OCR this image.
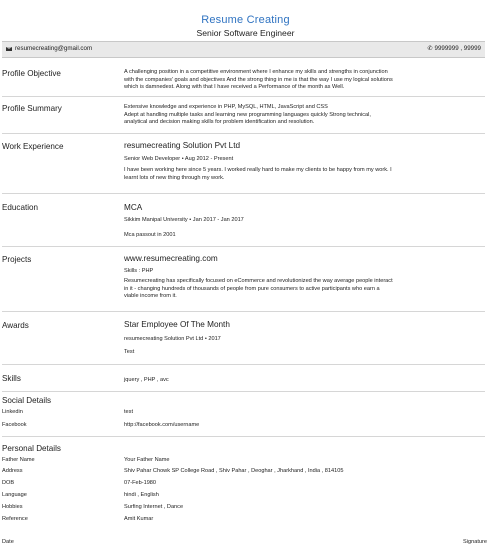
Resume Creating
Senior Software Engineer
resumecreating@gmail.com	✆ 9999999 , 99999
Profile Objective	A challenging position in a competitive environment where I enhance my skills and strengths in conjunction
with the companies' goals and objectives And the strong thing in me is that the way I use my logical solutions
which is damnedest. Along with that I have received a Performance of the month as Well.
Profile Summary	Extensive knowledge and experience in PHP, MySQL, HTML, JavaScript and CSS
Adept at handling multiple tasks and learning new programming languages quickly Strong technical,
analytical and decision making skills for problem identification and resolution.
Work Experience	resumecreating Solution Pvt Ltd
Senior Web Developer • Aug 2012 - Present
I have been working here since 5 years. I worked really hard to make my clients to be happy from my work. I
learnt lots of new thing through my work.
Education	MCA
Sikkim Manipal University • Jan 2017 - Jan 2017
Mca passout in 2001
Projects	www.resumecreating.com
Skills : PHP
Resumecreating has specifically focused on eCommerce and revolutionized the way average people interact
in it - changing hundreds of thousands of people from pure consumers to active participants who earn a
viable income from it.
Awards	Star Employee Of The Month
resumecreating Solution Pvt Ltd • 2017
Test
Skills	jquery , PHP , avc
Social Details
Linkedin	test
Facebook	http://facebook.com/username
Personal Details
Father Name	Your Father Name
Address	Shiv Pahar Chowk SP College Road , Shiv Pahar , Deoghar , Jharkhand , India , 814105
DOB	07-Feb-1980
Language	hindi , English
Hobbies	Surfing Internet , Dance
Reference	Amit Kumar
Date	Signature
